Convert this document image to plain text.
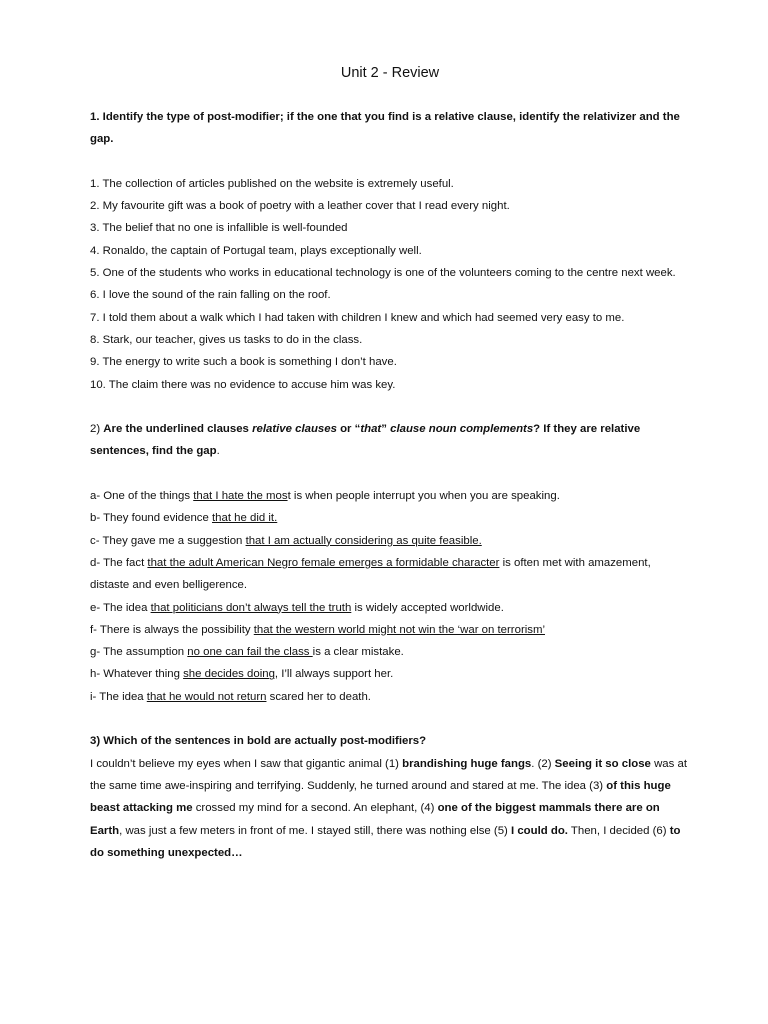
Unit 2 - Review

1. Identify the type of post-modifier; if the one that you find is a relative clause, identify the relativizer and the gap.

1. The collection of articles published on the website is extremely useful.

2. My favourite gift was a book of poetry with a leather cover that I read every night.

3. The belief that no one is infallible is well-founded

4. Ronaldo, the captain of Portugal team, plays exceptionally well.

5. One of the students who works in educational technology is one of the volunteers coming to the centre next week.

6. I love the sound of the rain falling on the roof.

7. I told them about a walk which I had taken with children I knew and which had seemed very easy to me.

8. Stark, our teacher, gives us tasks to do in the class.

9. The energy to write such a book is something I don’t have.

10. The claim there was no evidence to accuse him was key.

2) Are the underlined clauses relative clauses or “that” clause noun complements? If they are relative sentences, find the gap.

a- One of the things that I hate the most is when people interrupt you when you are speaking.

b- They found evidence that he did it.

c- They gave me a suggestion that I am actually considering as quite feasible.

d- The fact that the adult American Negro female emerges a formidable character is often met with amazement, distaste and even belligerence.

e- The idea that politicians don’t always tell the truth is widely accepted worldwide.

f- There is always the possibility that the western world might not win the ‘war on terrorism’

g- The assumption no one can fail the class is a clear mistake.

h- Whatever thing she decides doing, I’ll always support her.

i- The idea that he would not return scared her to death.

3) Which of the sentences in bold are actually post-modifiers?

I couldn’t believe my eyes when I saw that gigantic animal (1) brandishing huge fangs. (2) Seeing it so close was at the same time awe-inspiring and terrifying. Suddenly, he turned around and stared at me. The idea (3) of this huge beast attacking me crossed my mind for a second. An elephant, (4) one of the biggest mammals there are on Earth, was just a few meters in front of me. I stayed still, there was nothing else (5) I could do. Then, I decided (6) to do something unexpected…
